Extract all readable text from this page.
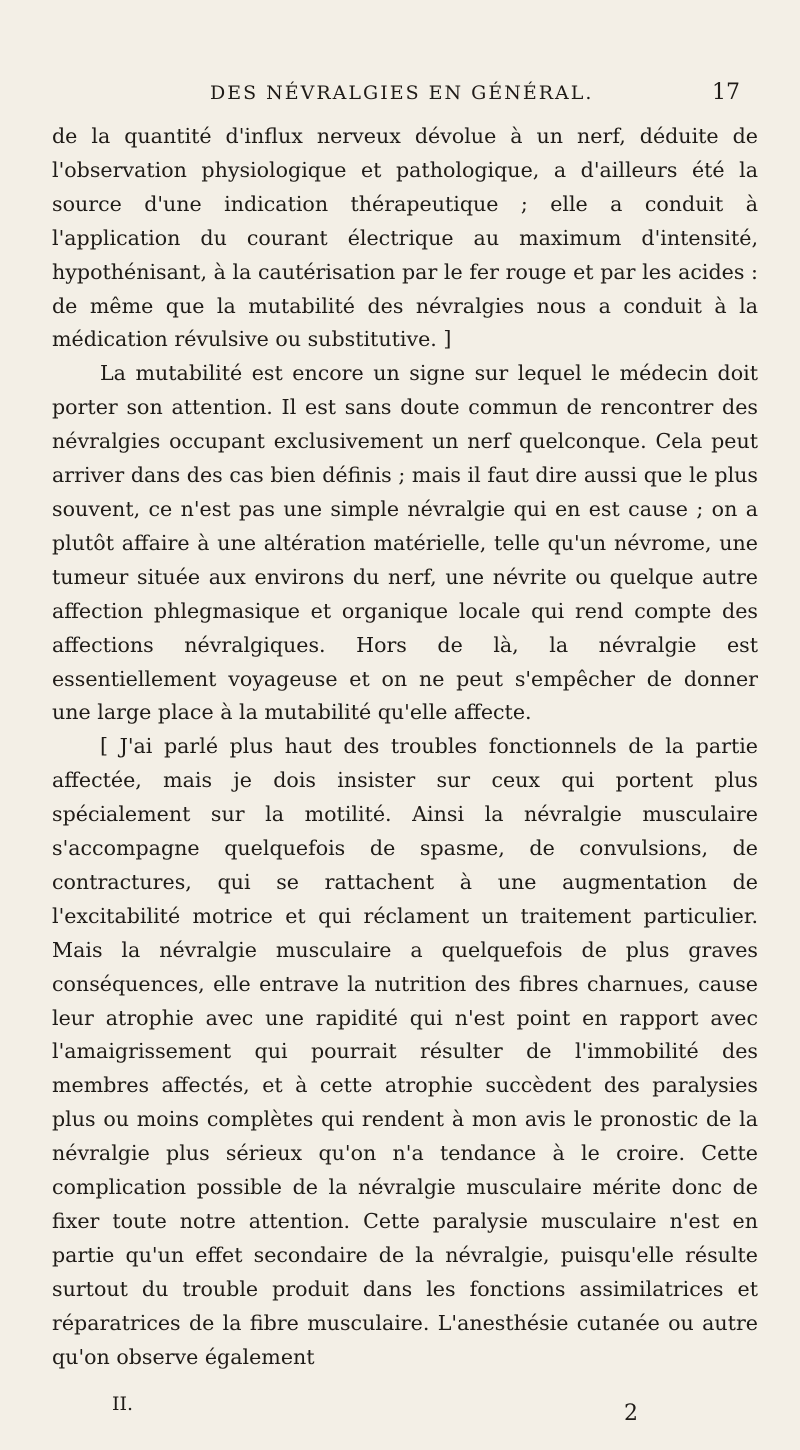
DES NÉVRALGIES EN GÉNÉRAL.	17

de la quantité d'influx nerveux dévolue à un nerf, déduite de l'observation physiologique et pathologique, a d'ailleurs été la source d'une indication thérapeutique ; elle a conduit à l'application du courant électrique au maximum d'intensité, hypothénisant, à la cautérisation par le fer rouge et par les acides : de même que la mutabilité des névralgies nous a conduit à la médication révulsive ou substitutive. ]

La mutabilité est encore un signe sur lequel le médecin doit porter son attention. Il est sans doute commun de rencontrer des névralgies occupant exclusivement un nerf quelconque. Cela peut arriver dans des cas bien définis ; mais il faut dire aussi que le plus souvent, ce n'est pas une simple névralgie qui en est cause ; on a plutôt affaire à une altération matérielle, telle qu'un névrome, une tumeur située aux environs du nerf, une névrite ou quelque autre affection phlegmasique et organique locale qui rend compte des affections névralgiques. Hors de là, la névralgie est essentiellement voyageuse et on ne peut s'empêcher de donner une large place à la mutabilité qu'elle affecte.

[ J'ai parlé plus haut des troubles fonctionnels de la partie affectée, mais je dois insister sur ceux qui portent plus spécialement sur la motilité. Ainsi la névralgie musculaire s'accompagne quelquefois de spasme, de convulsions, de contractures, qui se rattachent à une augmentation de l'excitabilité motrice et qui réclament un traitement particulier. Mais la névralgie musculaire a quelquefois de plus graves conséquences, elle entrave la nutrition des fibres charnues, cause leur atrophie avec une rapidité qui n'est point en rapport avec l'amaigrissement qui pourrait résulter de l'immobilité des membres affectés, et à cette atrophie succèdent des paralysies plus ou moins complètes qui rendent à mon avis le pronostic de la névralgie plus sérieux qu'on n'a tendance à le croire. Cette complication possible de la névralgie musculaire mérite donc de fixer toute notre attention. Cette paralysie musculaire n'est en partie qu'un effet secondaire de la névralgie, puisqu'elle résulte surtout du trouble produit dans les fonctions assimilatrices et réparatrices de la fibre musculaire. L'anesthésie cutanée ou autre qu'on observe également

II.	2
